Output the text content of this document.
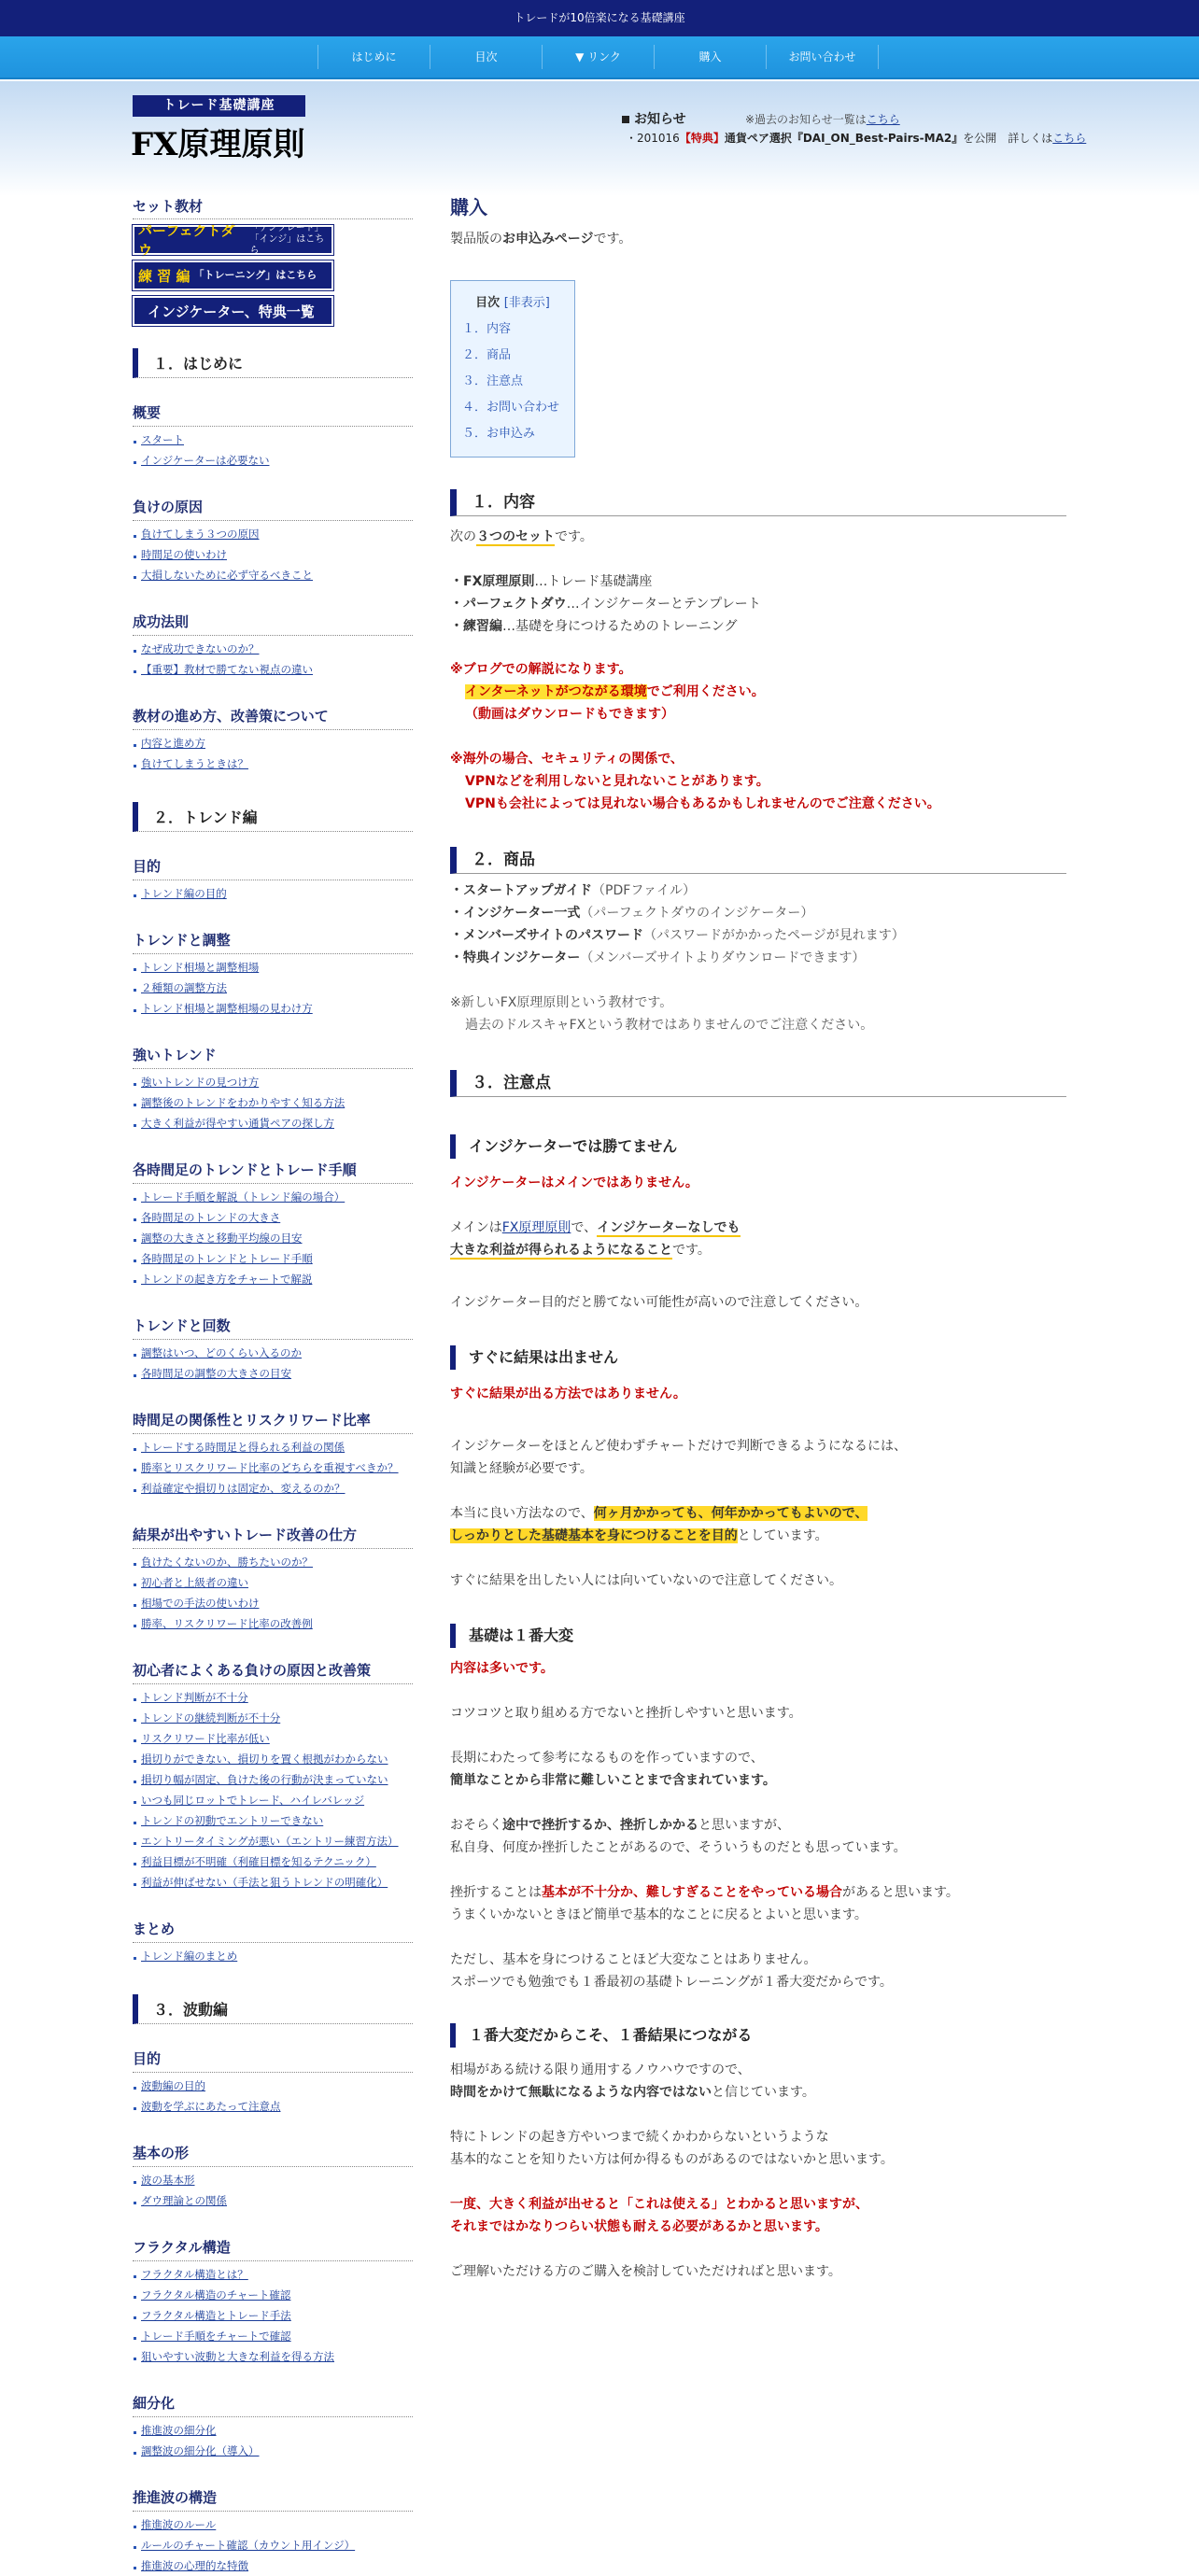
トレードが10倍楽になる基礎講座
はじめに	目次	▼ リンク	購入	お問い合わせ
トレード基礎講座
FX原理原則
お知らせ	※過去のお知らせ一覧はこちら
・201016【特典】通貨ペア選択『DAI_ON_Best-Pairs-MA2』を公開　詳しくはこちら
セット教材
パーフェクトダウ
「テンプレート」
「インジ」はこちら
練 習 編 「トレーニング」はこちら
インジケーター、特典一覧
１．はじめに
概要
スタート
インジケーターは必要ない
負けの原因
負けてしまう３つの原因
時間足の使いわけ
大損しないために必ず守るべきこと
成功法則
なぜ成功できないのか？
【重要】教材で勝てない視点の違い
教材の進め方、改善策について
内容と進め方
負けてしまうときは？
２．トレンド編
目的
トレンド編の目的
トレンドと調整
トレンド相場と調整相場
２種類の調整方法
トレンド相場と調整相場の見わけ方
強いトレンド
強いトレンドの見つけ方
調整後のトレンドをわかりやすく知る方法
大きく利益が得やすい通貨ペアの探し方
各時間足のトレンドとトレード手順
トレード手順を解説（トレンド編の場合）
各時間足のトレンドの大きさ
調整の大きさと移動平均線の目安
各時間足のトレンドとトレード手順
トレンドの起き方をチャートで解説
トレンドと回数
調整はいつ、どのくらい入るのか
各時間足の調整の大きさの目安
時間足の関係性とリスクリワード比率
トレードする時間足と得られる利益の関係
勝率とリスクリワード比率のどちらを重視すべきか？
利益確定や損切りは固定か、変えるのか？
結果が出やすいトレード改善の仕方
負けたくないのか、勝ちたいのか？
初心者と上級者の違い
相場での手法の使いわけ
勝率、リスクリワード比率の改善例
初心者によくある負けの原因と改善策
トレンド判断が不十分
トレンドの継続判断が不十分
リスクリワード比率が低い
損切りができない、損切りを置く根拠がわからない
損切り幅が固定、負けた後の行動が決まっていない
いつも同じロットでトレード、ハイレバレッジ
トレンドの初動でエントリーできない
エントリータイミングが悪い（エントリー練習方法）
利益目標が不明確（利確目標を知るテクニック）
利益が伸ばせない（手法と狙うトレンドの明確化）
まとめ
トレンド編のまとめ
３．波動編
目的
波動編の目的
波動を学ぶにあたって注意点
基本の形
波の基本形
ダウ理論との関係
フラクタル構造
フラクタル構造とは？
フラクタル構造のチャート確認
フラクタル構造とトレード手法
トレード手順をチャートで確認
狙いやすい波動と大きな利益を得る方法
細分化
推進波の細分化
調整波の細分化（導入）
推進波の構造
推進波のルール
ルールのチャート確認（カウント用インジ）
推進波の心理的な特徴
購入
製品版のお申込みページです。
目次 [非表示]
１．内容
２．商品
３．注意点
４．お問い合わせ
５．お申込み
１．内容
次の３つのセットです。
・FX原理原則…トレード基礎講座
・パーフェクトダウ…インジケーターとテンプレート
・練習編…基礎を身につけるためのトレーニング
※ブログでの解説になります。
インターネットがつながる環境でご利用ください。
（動画はダウンロードもできます）
※海外の場合、セキュリティの関係で、
VPNなどを利用しないと見れないことがあります。
VPNも会社によっては見れない場合もあるかもしれませんのでご注意ください。
２．商品
・スタートアップガイド（PDFファイル）
・インジケーター一式（パーフェクトダウのインジケーター）
・メンバーズサイトのパスワード（パスワードがかかったページが見れます）
・特典インジケーター（メンバーズサイトよりダウンロードできます）
※新しいFX原理原則という教材です。
過去のドルスキャFXという教材ではありませんのでご注意ください。
３．注意点
インジケーターでは勝てません
インジケーターはメインではありません。

メインはFX原理原則で、インジケーターなしでも
大きな利益が得られるようになることです。

インジケーター目的だと勝てない可能性が高いので注意してください。

すぐに結果は出ません
すぐに結果が出る方法ではありません。

インジケーターをほとんど使わずチャートだけで判断できるようになるには、
知識と経験が必要です。

本当に良い方法なので、何ヶ月かかっても、何年かかってもよいので、
しっかりとした基礎基本を身につけることを目的としています。

すぐに結果を出したい人には向いていないので注意してください。

基礎は１番大変
内容は多いです。

コツコツと取り組める方でないと挫折しやすいと思います。

長期にわたって参考になるものを作っていますので、
簡単なことから非常に難しいことまで含まれています。

おそらく途中で挫折するか、挫折しかかると思いますが、
私自身、何度か挫折したことがあるので、そういうものだとも思っています。

挫折することは基本が不十分か、難しすぎることをやっている場合があると思います。
うまくいかないときほど簡単で基本的なことに戻るとよいと思います。

ただし、基本を身につけることほど大変なことはありません。
スポーツでも勉強でも１番最初の基礎トレーニングが１番大変だからです。

１番大変だからこそ、１番結果につながる

相場がある続ける限り通用するノウハウですので、
時間をかけて無駄になるような内容ではないと信じています。

特にトレンドの起き方やいつまで続くかわからないというような
基本的なことを知りたい方は何か得るものがあるのではないかと思います。

一度、大きく利益が出せると「これは使える」とわかると思いますが、
それまではかなりつらい状態も耐える必要があるかと思います。

ご理解いただける方のご購入を検討していただければと思います。
